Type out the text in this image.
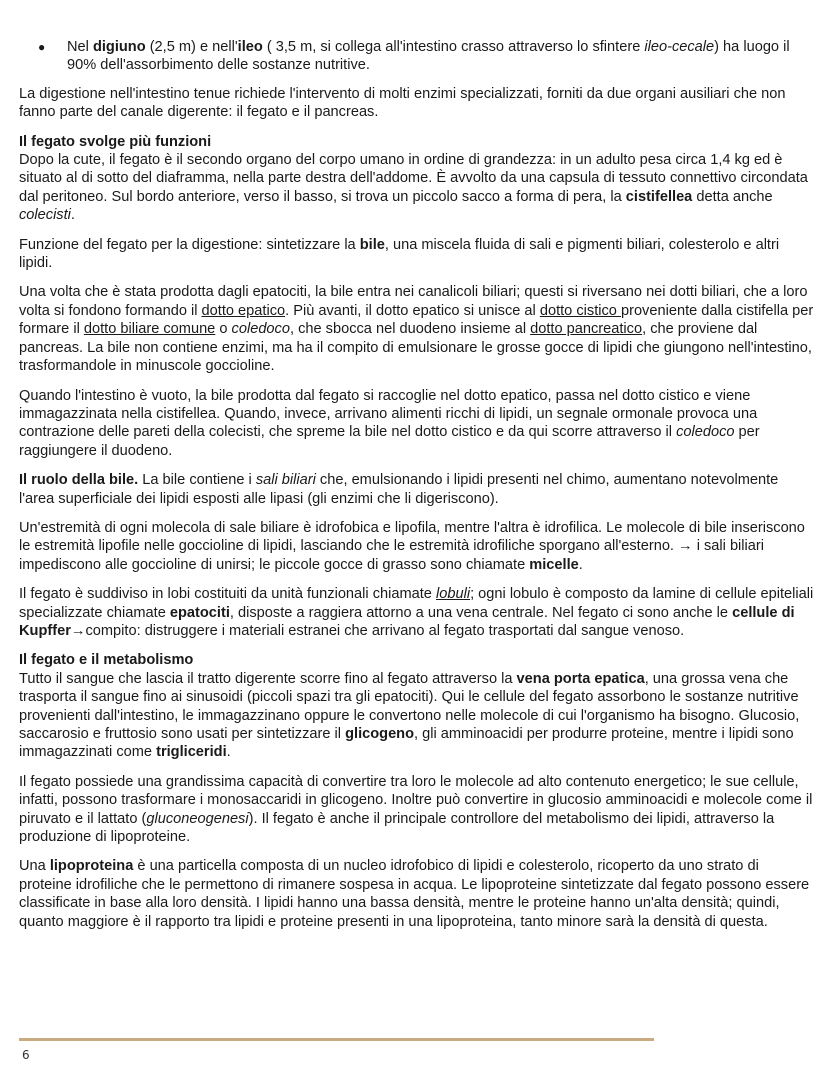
●	Nel digiuno (2,5 m) e nell'ileo ( 3,5 m, si collega all'intestino crasso attraverso lo sfintere ileo-cecale) ha luogo il 90% dell'assorbimento delle sostanze nutritive.

La digestione nell'intestino tenue richiede l'intervento di molti enzimi specializzati, forniti da due organi ausiliari che non fanno parte del canale digerente: il fegato e il pancreas.

Il fegato svolge più funzioni

Dopo la cute, il fegato è il secondo organo del corpo umano in ordine di grandezza: in un adulto pesa circa 1,4 kg ed è situato al di sotto del diaframma, nella parte destra dell'addome. È avvolto da una capsula di tessuto connettivo circondata dal peritoneo. Sul bordo anteriore, verso il basso, si trova un piccolo sacco a forma di pera, la cistifellea detta anche colecisti.

Funzione del fegato per la digestione: sintetizzare la bile, una miscela fluida di sali e pigmenti biliari, colesterolo e altri lipidi.

Una volta che è stata prodotta dagli epatociti, la bile entra nei canalicoli biliari; questi si riversano nei dotti biliari, che a loro volta si fondono formando il dotto epatico. Più avanti, il dotto epatico si unisce al dotto cistico proveniente dalla cistifella per formare il dotto biliare comune o coledoco, che sbocca nel duodeno insieme al dotto pancreatico, che proviene dal pancreas. La bile non contiene enzimi, ma ha il compito di emulsionare le grosse gocce di lipidi che giungono nell'intestino, trasformandole in minuscole goccioline.

Quando l'intestino è vuoto, la bile prodotta dal fegato si raccoglie nel dotto epatico, passa nel dotto cistico e viene immagazzinata nella cistifellea. Quando, invece, arrivano alimenti ricchi di lipidi, un segnale ormonale provoca una contrazione delle pareti della colecisti, che spreme la bile nel dotto cistico e da qui scorre attraverso il coledoco per raggiungere il duodeno.

Il ruolo della bile. La bile contiene i sali biliari che, emulsionando i lipidi presenti nel chimo, aumentano notevolmente l'area superficiale dei lipidi esposti alle lipasi (gli enzimi che li digeriscono).

Un'estremità di ogni molecola di sale biliare è idrofobica e lipofila, mentre l'altra è idrofilica. Le molecole di bile inseriscono le estremità lipofile nelle goccioline di lipidi, lasciando che le estremità idrofiliche sporgano all'esterno. → i sali biliari impediscono alle goccioline di unirsi; le piccole gocce di grasso sono chiamate micelle.

Il fegato è suddiviso in lobi costituiti da unità funzionali chiamate lobuli; ogni lobulo è composto da lamine di cellule epiteliali specializzate chiamate epatociti, disposte a raggiera attorno a una vena centrale. Nel fegato ci sono anche le cellule di Kupffer→compito: distruggere i materiali estranei che arrivano al fegato trasportati dal sangue venoso.

Il fegato e il metabolismo

Tutto il sangue che lascia il tratto digerente scorre fino al fegato attraverso la vena porta epatica, una grossa vena che trasporta il sangue fino ai sinusoidi (piccoli spazi tra gli epatociti). Qui le cellule del fegato assorbono le sostanze nutritive provenienti dall'intestino, le immagazzinano oppure le convertono nelle molecole di cui l'organismo ha bisogno. Glucosio, saccarosio e fruttosio sono usati per sintetizzare il glicogeno, gli amminoacidi per produrre proteine, mentre i lipidi sono immagazzinati come trigliceridi.

Il fegato possiede una grandissima capacità di convertire tra loro le molecole ad alto contenuto energetico; le sue cellule, infatti, possono trasformare i monosaccaridi in glicogeno. Inoltre può convertire in glucosio amminoacidi e molecole come il piruvato e il lattato (gluconeogenesi). Il fegato è anche il principale controllore del metabolismo dei lipidi, attraverso la produzione di lipoproteine.

Una lipoproteina è una particella composta di un nucleo idrofobico di lipidi e colesterolo, ricoperto da uno strato di proteine idrofiliche che le permettono di rimanere sospesa in acqua. Le lipoproteine sintetizzate dal fegato possono essere classificate in base alla loro densità. I lipidi hanno una bassa densità, mentre le proteine hanno un'alta densità; quindi, quanto maggiore è il rapporto tra lipidi e proteine presenti in una lipoproteina, tanto minore sarà la densità di questa.

6
